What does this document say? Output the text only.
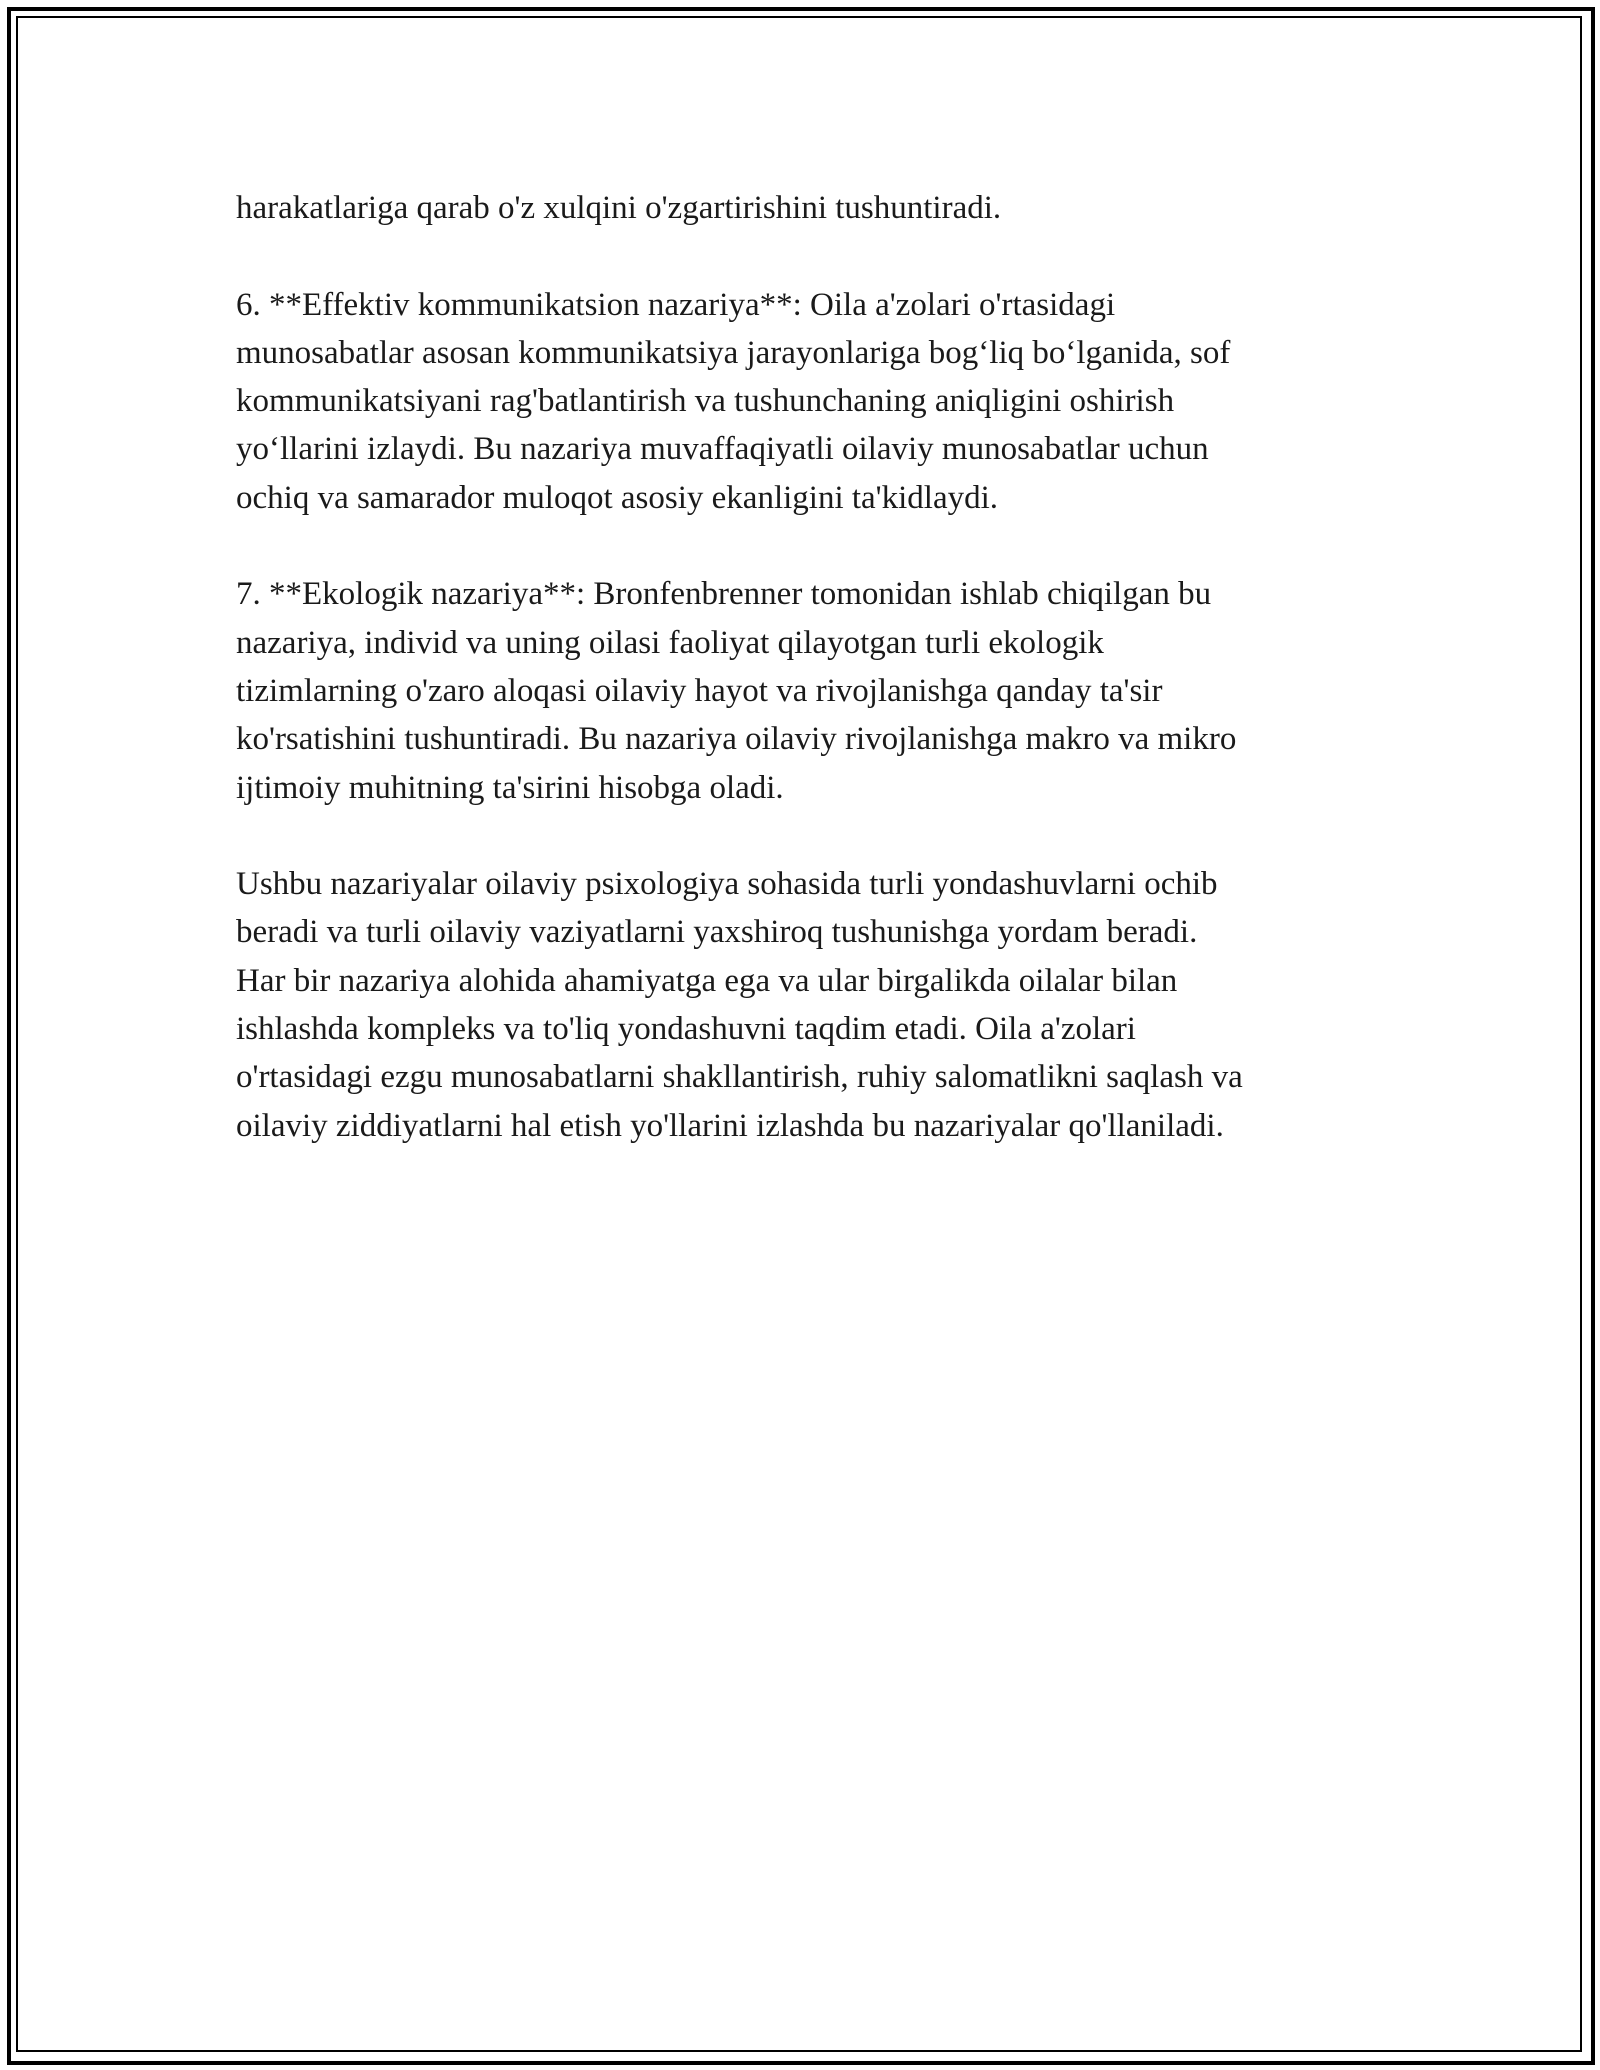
harakatlariga qarab o'z xulqini o'zgartirishini tushuntiradi.

6. **Effektiv kommunikatsion nazariya**: Oila a'zolari o'rtasidagi
munosabatlar asosan kommunikatsiya jarayonlariga bog‘liq bo‘lganida, sof
kommunikatsiyani rag'batlantirish va tushunchaning aniqligini oshirish
yo‘llarini izlaydi. Bu nazariya muvaffaqiyatli oilaviy munosabatlar uchun
ochiq va samarador muloqot asosiy ekanligini ta'kidlaydi.

7. **Ekologik nazariya**: Bronfenbrenner tomonidan ishlab chiqilgan bu
nazariya, individ va uning oilasi faoliyat qilayotgan turli ekologik
tizimlarning o'zaro aloqasi oilaviy hayot va rivojlanishga qanday ta'sir
ko'rsatishini tushuntiradi. Bu nazariya oilaviy rivojlanishga makro va mikro
ijtimoiy muhitning ta'sirini hisobga oladi.

Ushbu nazariyalar oilaviy psixologiya sohasida turli yondashuvlarni ochib
beradi va turli oilaviy vaziyatlarni yaxshiroq tushunishga yordam beradi.
Har bir nazariya alohida ahamiyatga ega va ular birgalikda oilalar bilan
ishlashda kompleks va to'liq yondashuvni taqdim etadi. Oila a'zolari
o'rtasidagi ezgu munosabatlarni shakllantirish, ruhiy salomatlikni saqlash va
oilaviy ziddiyatlarni hal etish yo'llarini izlashda bu nazariyalar qo'llaniladi.
